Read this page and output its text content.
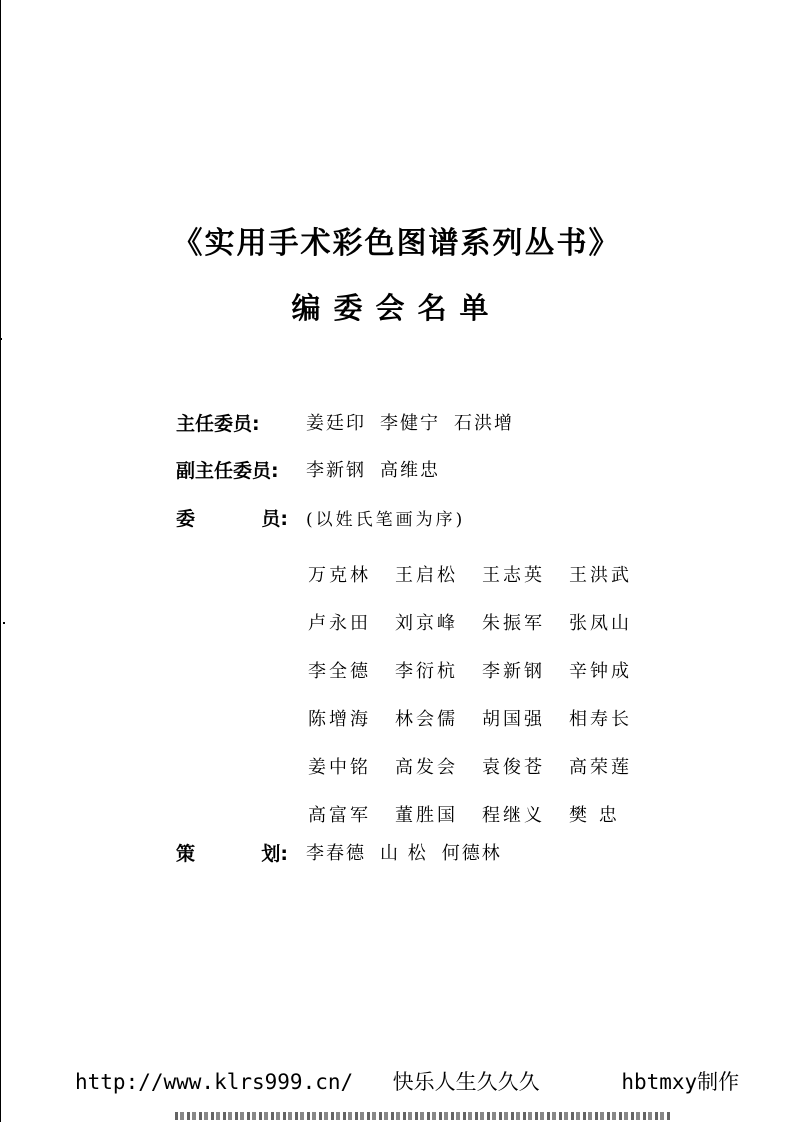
《实用手术彩色图谱系列丛书》
编委会名单
主任委员:	姜廷印 李健宁 石洪增
副主任委员:	李新钢 高维忠
委	员: (以姓氏笔画为序)
万克林	王启松	王志英	王洪武
卢永田	刘京峰	朱振军	张凤山
李全德	李衍杭	李新钢	辛钟成
陈增海	林会儒	胡国强	相寿长
姜中铭	高发会	袁俊苍	高荣莲
高富军	董胜国	程继义	樊 忠
策	划: 李春德 山 松 何德林
http://www.klrs999.cn/ 快乐人生久久久	hbtmxy制作
